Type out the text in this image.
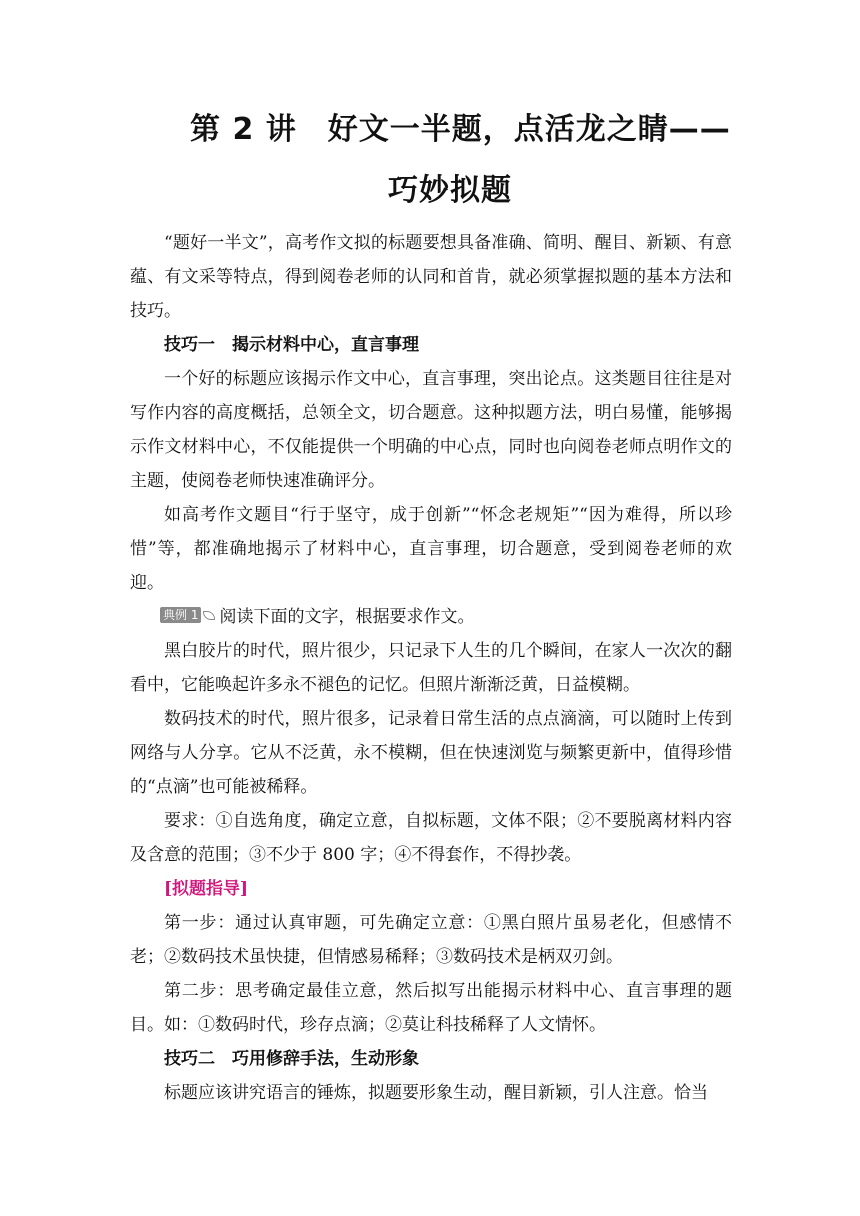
第 2 讲　好文一半题，点活龙之睛——
巧妙拟题
“题好一半文”，高考作文拟的标题要想具备准确、简明、醒目、新颖、有意蕴、有文采等特点，得到阅卷老师的认同和首肯，就必须掌握拟题的基本方法和技巧。
技巧一　揭示材料中心，直言事理
一个好的标题应该揭示作文中心，直言事理，突出论点。这类题目往往是对写作内容的高度概括，总领全文，切合题意。这种拟题方法，明白易懂，能够揭示作文材料中心，不仅能提供一个明确的中心点，同时也向阅卷老师点明作文的主题，使阅卷老师快速准确评分。
如高考作文题目“行于坚守，成于创新”“怀念老规矩”“因为难得，所以珍惜”等，都准确地揭示了材料中心，直言事理，切合题意，受到阅卷老师的欢迎。
典例 1 阅读下面的文字，根据要求作文。
黑白胶片的时代，照片很少，只记录下人生的几个瞬间，在家人一次次的翻看中，它能唤起许多永不褪色的记忆。但照片渐渐泛黄，日益模糊。
数码技术的时代，照片很多，记录着日常生活的点点滴滴，可以随时上传到网络与人分享。它从不泛黄，永不模糊，但在快速浏览与频繁更新中，值得珍惜的“点滴”也可能被稀释。
要求：①自选角度，确定立意，自拟标题，文体不限；②不要脱离材料内容及含意的范围；③不少于 800 字；④不得套作，不得抄袭。
[拟题指导]
第一步：通过认真审题，可先确定立意：①黑白照片虽易老化，但感情不老；②数码技术虽快捷，但情感易稀释；③数码技术是柄双刃剑。
第二步：思考确定最佳立意，然后拟写出能揭示材料中心、直言事理的题目。如：①数码时代，珍存点滴；②莫让科技稀释了人文情怀。
技巧二　巧用修辞手法，生动形象
标题应该讲究语言的锤炼，拟题要形象生动，醒目新颖，引人注意。恰当
